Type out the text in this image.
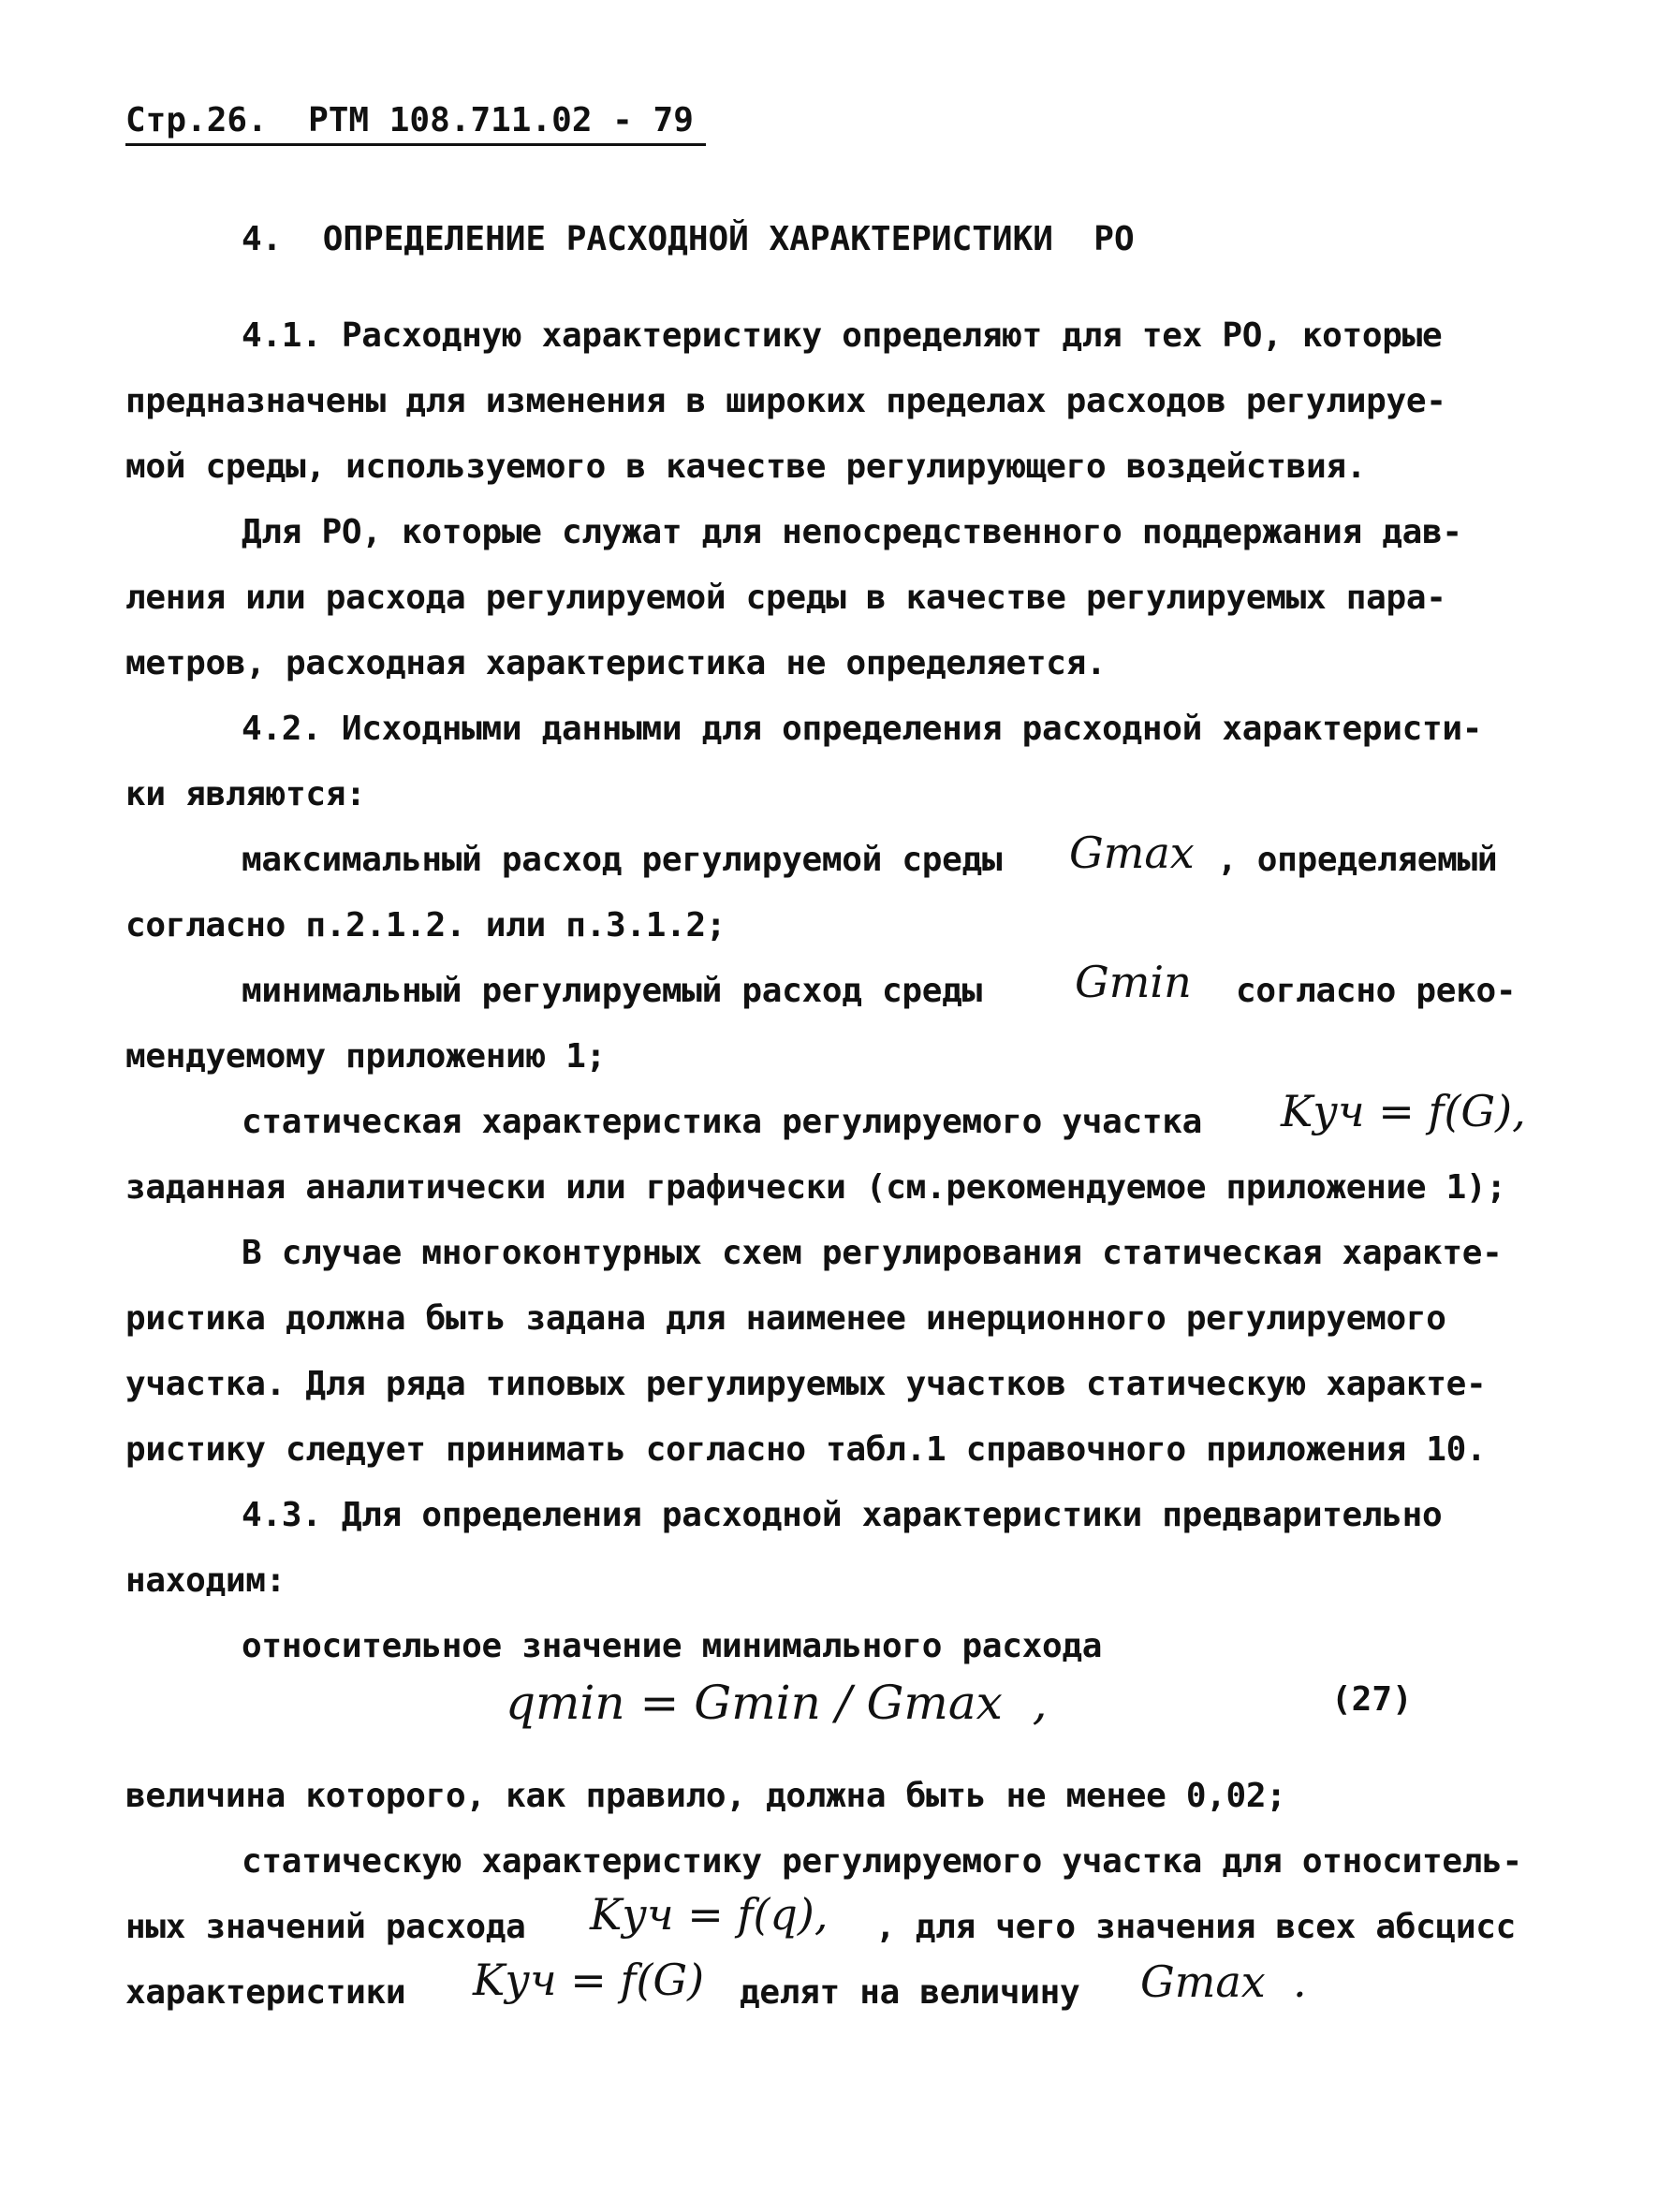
Стр.26.  РТМ 108.711.02 - 79
4.  ОПРЕДЕЛЕНИЕ РАСХОДНОЙ ХАРАКТЕРИСТИКИ  РО
4.1. Расходную характеристику определяют для тех РО, которые
предназначены для изменения в широких пределах расходов регулируе-
мой среды, используемого в качестве регулирующего воздействия.
Для РО, которые служат для непосредственного поддержания дав-
ления или расхода регулируемой среды в качестве регулируемых пара-
метров, расходная характеристика не определяется.
4.2. Исходными данными для определения расходной характеристи-
ки являются:
максимальный расход регулируемой среды Gmax , определяемый
согласно п.2.1.2. или п.3.1.2;
минимальный регулируемый расход среды Gmin согласно реко-
мендуемому приложению 1;
статическая характеристика регулируемого участка Kуч = f(G),
заданная аналитически или графически (см.рекомендуемое приложение 1);
В случае многоконтурных схем регулирования статическая характе-
ристика должна быть задана для наименее инерционного регулируемого
участка. Для ряда типовых регулируемых участков статическую характе-
ристику следует принимать согласно табл.1 справочного приложения 10.
4.3. Для определения расходной характеристики предварительно
находим:
относительное значение минимального расхода
qmin = Gmin / Gmax  ,	(27)
величина которого, как правило, должна быть не менее 0,02;
статическую характеристику регулируемого участка для относитель-
ных значений расхода Kуч = f(q), , для чего значения всех абсцисс
характеристики Kуч = f(G) делят на величину Gmax  .
